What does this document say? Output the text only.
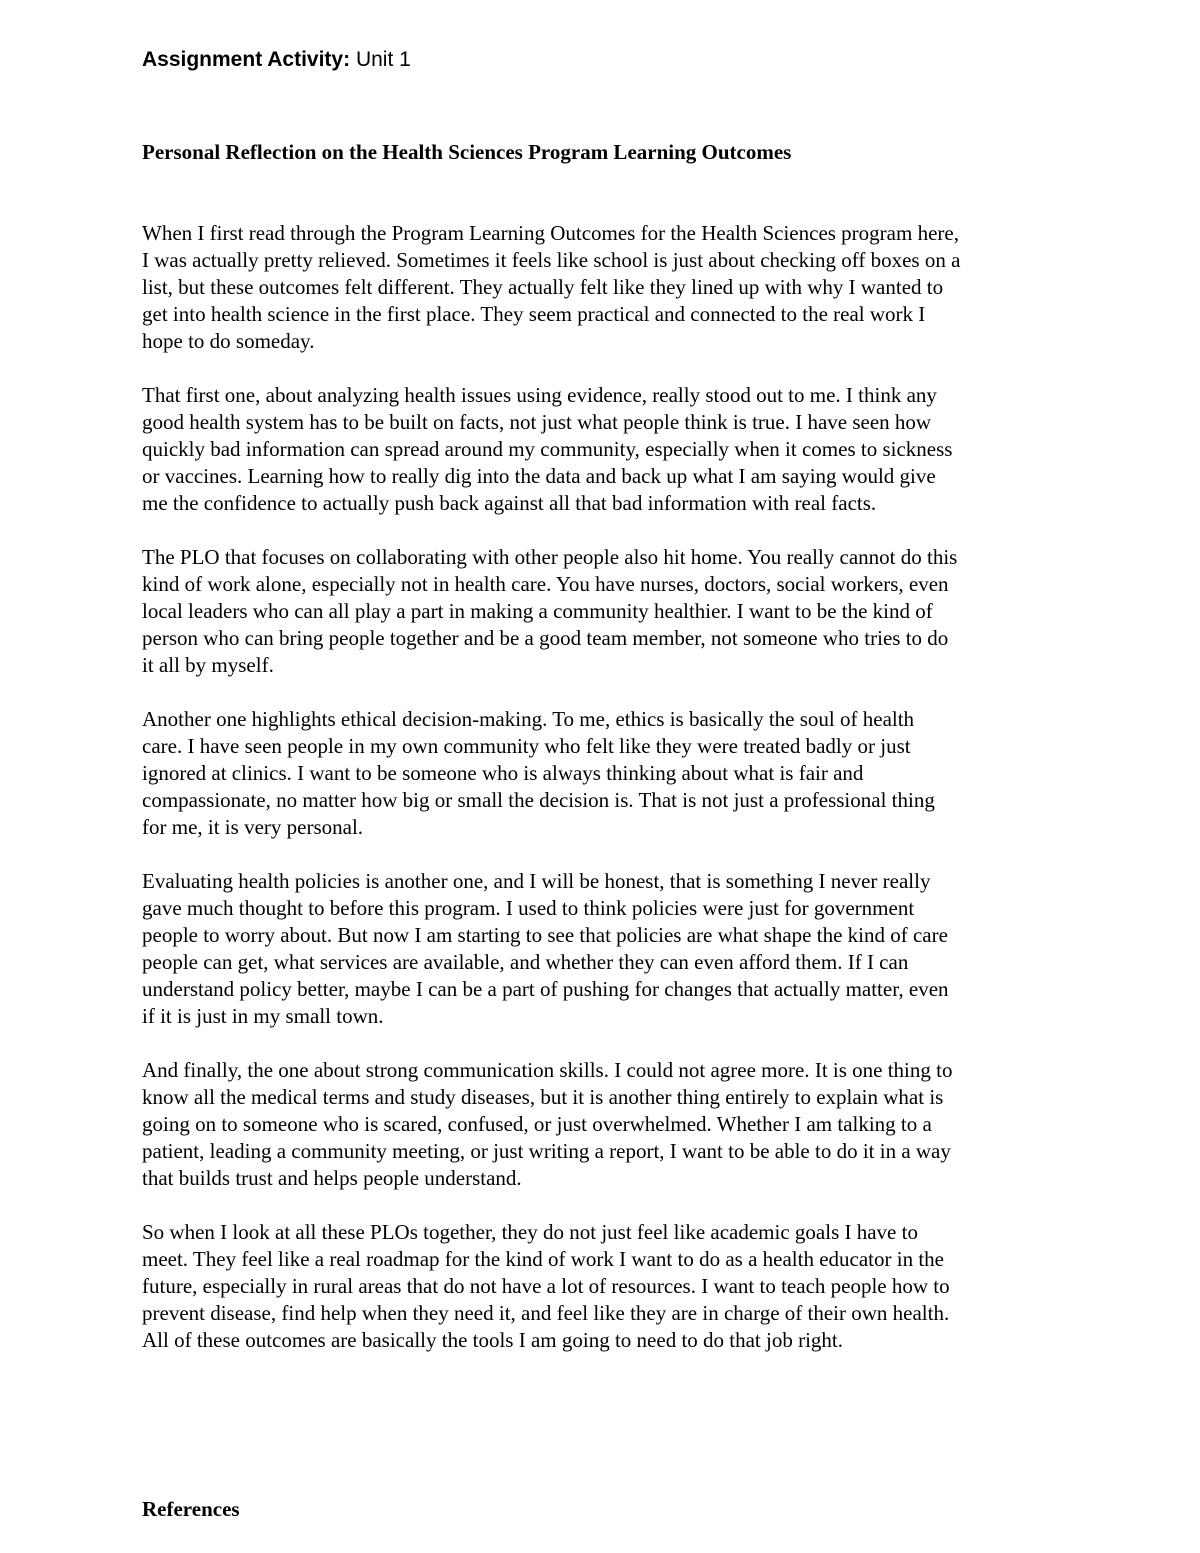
Assignment Activity: Unit 1
Personal Reflection on the Health Sciences Program Learning Outcomes
When I first read through the Program Learning Outcomes for the Health Sciences program here,
I was actually pretty relieved. Sometimes it feels like school is just about checking off boxes on a
list, but these outcomes felt different. They actually felt like they lined up with why I wanted to
get into health science in the first place. They seem practical and connected to the real work I
hope to do someday.
That first one, about analyzing health issues using evidence, really stood out to me. I think any
good health system has to be built on facts, not just what people think is true. I have seen how
quickly bad information can spread around my community, especially when it comes to sickness
or vaccines. Learning how to really dig into the data and back up what I am saying would give
me the confidence to actually push back against all that bad information with real facts.
The PLO that focuses on collaborating with other people also hit home. You really cannot do this
kind of work alone, especially not in health care. You have nurses, doctors, social workers, even
local leaders who can all play a part in making a community healthier. I want to be the kind of
person who can bring people together and be a good team member, not someone who tries to do
it all by myself.
Another one highlights ethical decision-making. To me, ethics is basically the soul of health
care. I have seen people in my own community who felt like they were treated badly or just
ignored at clinics. I want to be someone who is always thinking about what is fair and
compassionate, no matter how big or small the decision is. That is not just a professional thing
for me, it is very personal.
Evaluating health policies is another one, and I will be honest, that is something I never really
gave much thought to before this program. I used to think policies were just for government
people to worry about. But now I am starting to see that policies are what shape the kind of care
people can get, what services are available, and whether they can even afford them. If I can
understand policy better, maybe I can be a part of pushing for changes that actually matter, even
if it is just in my small town.
And finally, the one about strong communication skills. I could not agree more. It is one thing to
know all the medical terms and study diseases, but it is another thing entirely to explain what is
going on to someone who is scared, confused, or just overwhelmed. Whether I am talking to a
patient, leading a community meeting, or just writing a report, I want to be able to do it in a way
that builds trust and helps people understand.
So when I look at all these PLOs together, they do not just feel like academic goals I have to
meet. They feel like a real roadmap for the kind of work I want to do as a health educator in the
future, especially in rural areas that do not have a lot of resources. I want to teach people how to
prevent disease, find help when they need it, and feel like they are in charge of their own health.
All of these outcomes are basically the tools I am going to need to do that job right.
References
